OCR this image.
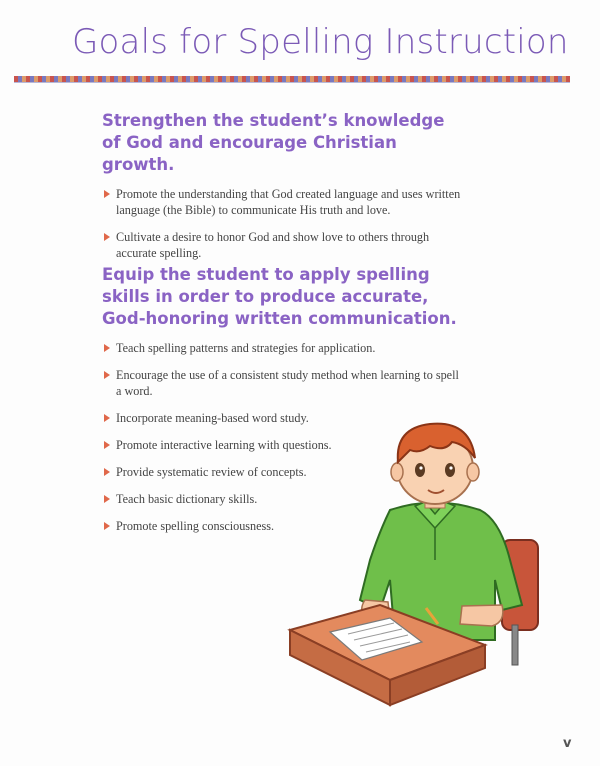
Goals for Spelling Instruction

Strengthen the student’s knowledge of God and encourage Christian growth.

Promote the understanding that God created language and uses written language (the Bible) to communicate His truth and love.
Cultivate a desire to honor God and show love to others through accurate spelling.

Equip the student to apply spelling skills in order to produce accurate, God-honoring written communication.

Teach spelling patterns and strategies for application.
Encourage the use of a consistent study method when learning to spell a word.
Incorporate meaning-based word study.
Promote interactive learning with questions.
Provide systematic review of concepts.
Teach basic dictionary skills.
Promote spelling consciousness.
v
